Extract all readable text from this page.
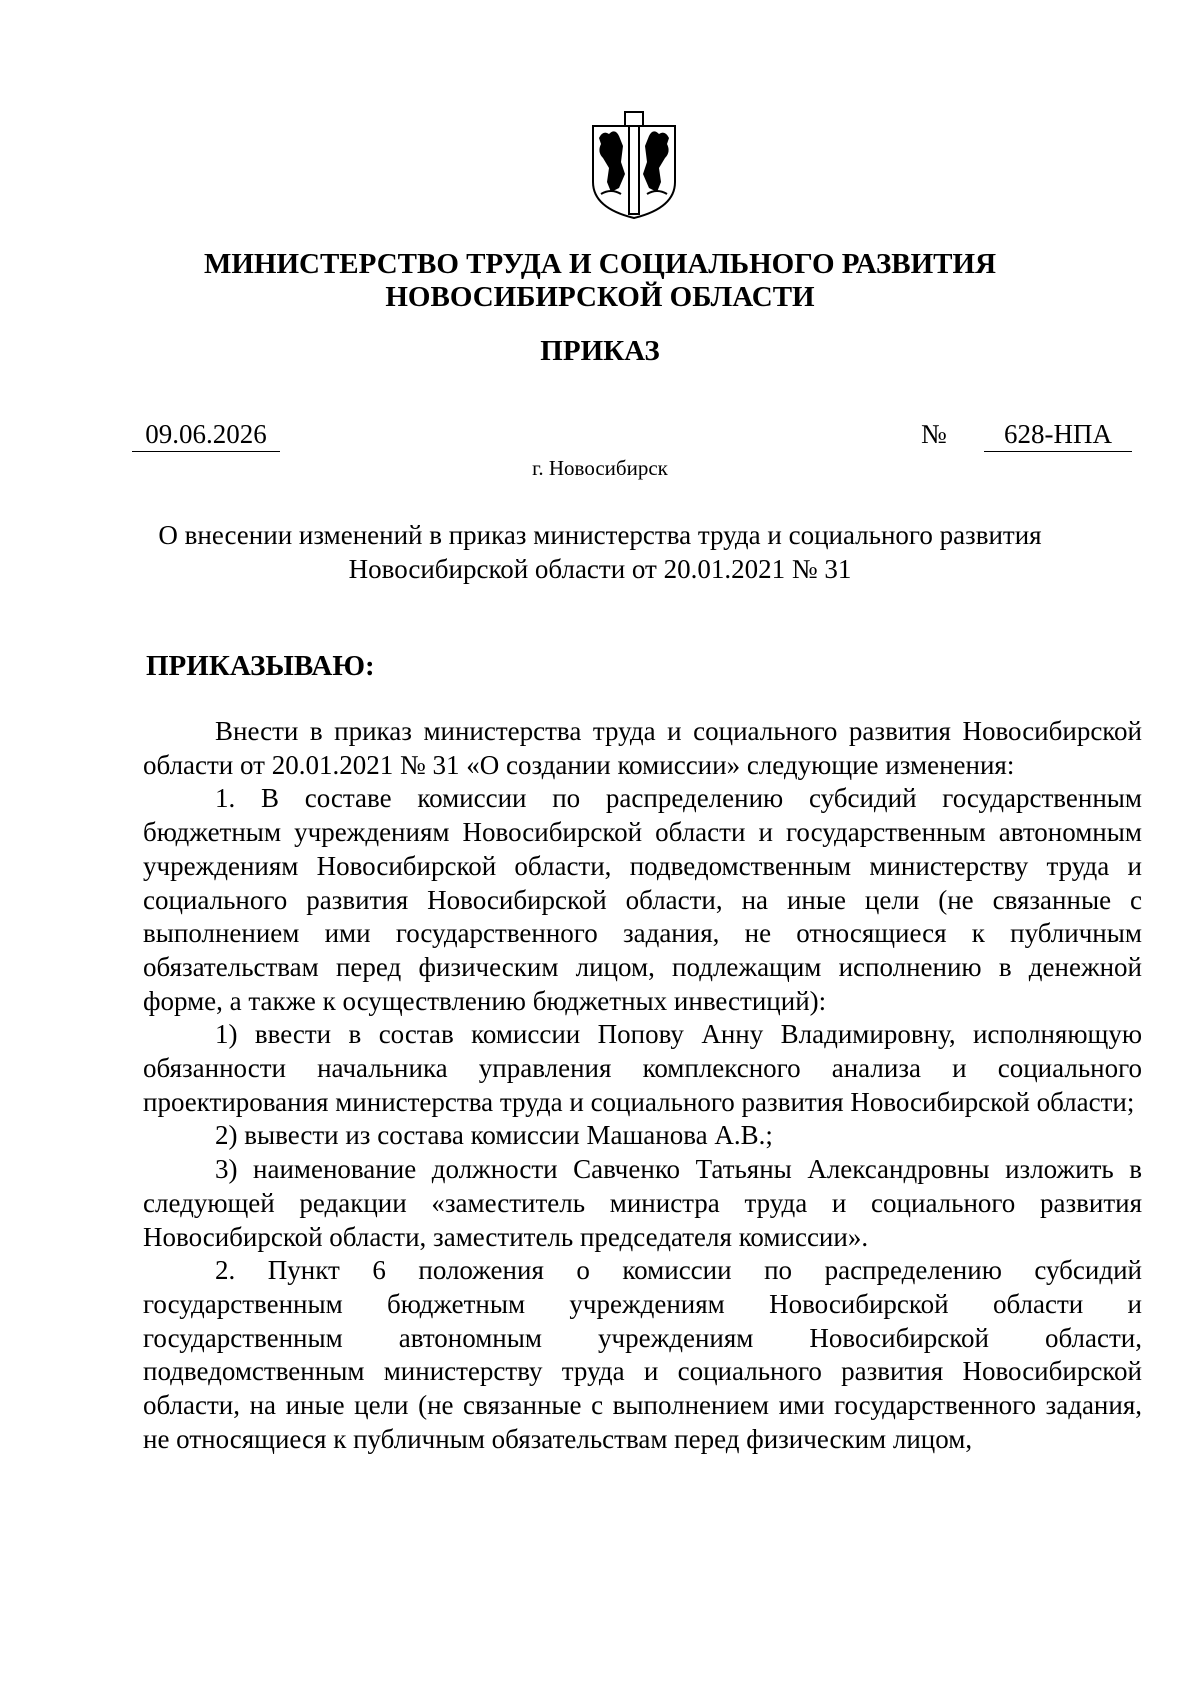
МИНИСТЕРСТВО ТРУДА И СОЦИАЛЬНОГО РАЗВИТИЯ
НОВОСИБИРСКОЙ ОБЛАСТИ
ПРИКАЗ
09.06.2026	№	628-НПА
г. Новосибирск
О внесении изменений в приказ министерства труда и социального развития
Новосибирской области от 20.01.2021 № 31
ПРИКАЗЫВАЮ:

Внести в приказ министерства труда и социального развития Новосибирской области от 20.01.2021 № 31 «О создании комиссии» следующие изменения:

1. В составе комиссии по распределению субсидий государственным бюджетным учреждениям Новосибирской области и государственным автономным учреждениям Новосибирской области, подведомственным министерству труда и социального развития Новосибирской области, на иные цели (не связанные с выполнением ими государственного задания, не относящиеся к публичным обязательствам перед физическим лицом, подлежащим исполнению в денежной форме, а также к осуществлению бюджетных инвестиций):

1) ввести в состав комиссии Попову Анну Владимировну, исполняющую обязанности начальника управления комплексного анализа и социального проектирования министерства труда и социального развития Новосибирской области;

2) вывести из состава комиссии Машанова А.В.;

3) наименование должности Савченко Татьяны Александровны изложить в следующей редакции «заместитель министра труда и социального развития Новосибирской области, заместитель председателя комиссии».

2. Пункт 6 положения о комиссии по распределению субсидий государственным бюджетным учреждениям Новосибирской области и государственным автономным учреждениям Новосибирской области, подведомственным министерству труда и социального развития Новосибирской области, на иные цели (не связанные с выполнением ими государственного задания, не относящиеся к публичным обязательствам перед физическим лицом,
